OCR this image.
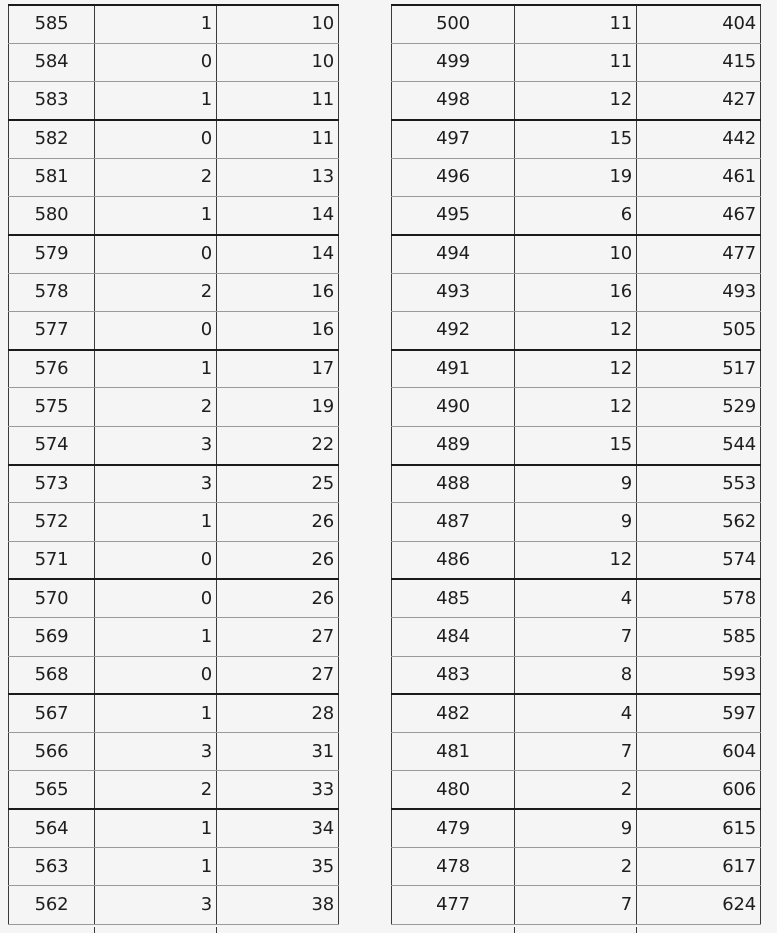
585	1	10
584	0	10
583	1	11
582	0	11
581	2	13
580	1	14
579	0	14
578	2	16
577	0	16
576	1	17
575	2	19
574	3	22
573	3	25
572	1	26
571	0	26
570	0	26
569	1	27
568	0	27
567	1	28
566	3	31
565	2	33
564	1	34
563	1	35
562	3	38
500	11	404
499	11	415
498	12	427
497	15	442
496	19	461
495	6	467
494	10	477
493	16	493
492	12	505
491	12	517
490	12	529
489	15	544
488	9	553
487	9	562
486	12	574
485	4	578
484	7	585
483	8	593
482	4	597
481	7	604
480	2	606
479	9	615
478	2	617
477	7	624
